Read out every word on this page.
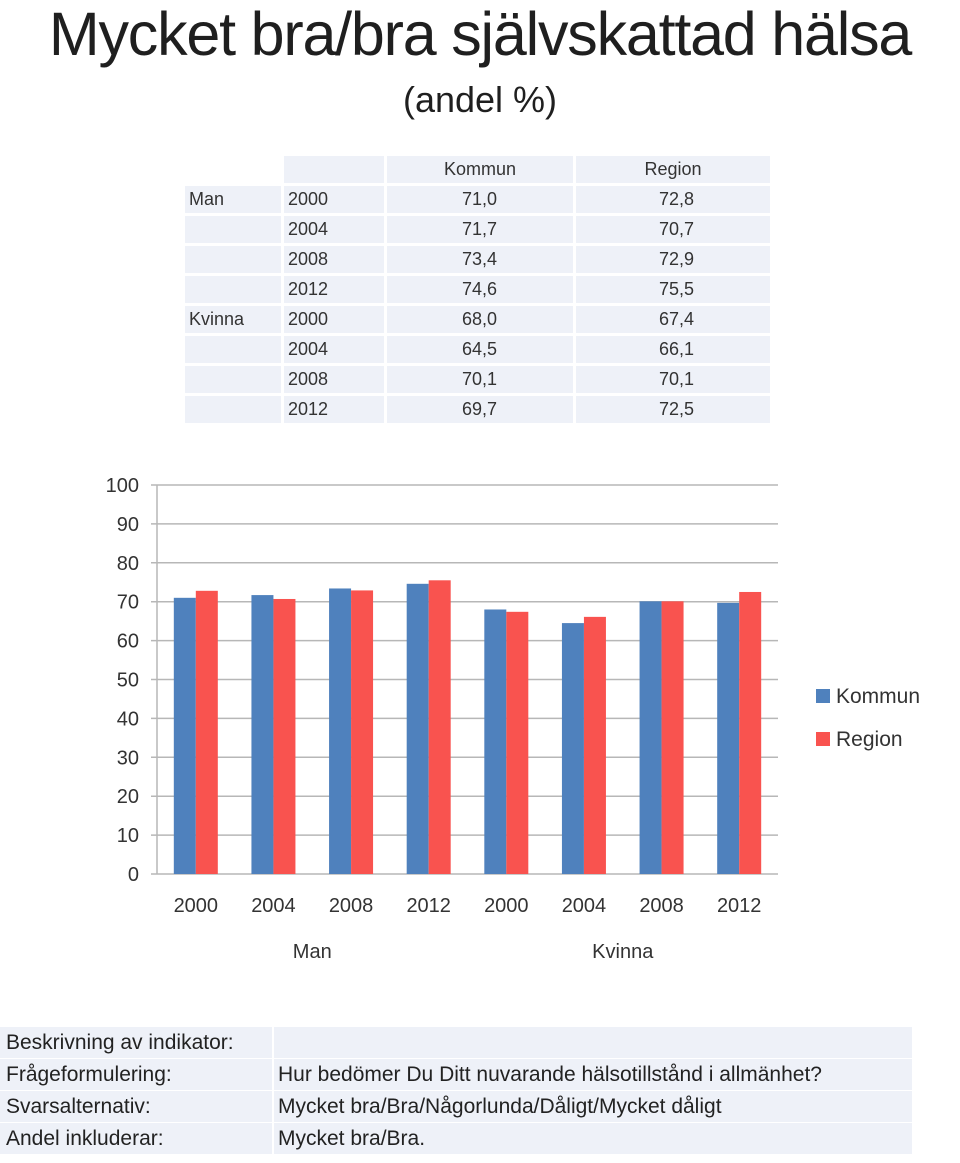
Mycket bra/bra självskattad hälsa
(andel %)
		Kommun	Region
Man	2000	71,0	72,8
	2004	71,7	70,7
	2008	73,4	72,9
	2012	74,6	75,5
Kvinna	2000	68,0	67,4
	2004	64,5	66,1
	2008	70,1	70,1
	2012	69,7	72,5
0
10
20
30
40
50
60
70
80
90
100
2000 2004 2008 2012 2000 2004 2008 2012
Man	Kvinna
Kommun
Region
Beskrivning av indikator:
Frågeformulering:	Hur bedömer Du Ditt nuvarande hälsotillstånd i allmänhet?
Svarsalternativ:	Mycket bra/Bra/Någorlunda/Dåligt/Mycket dåligt
Andel inkluderar:	Mycket bra/Bra.
